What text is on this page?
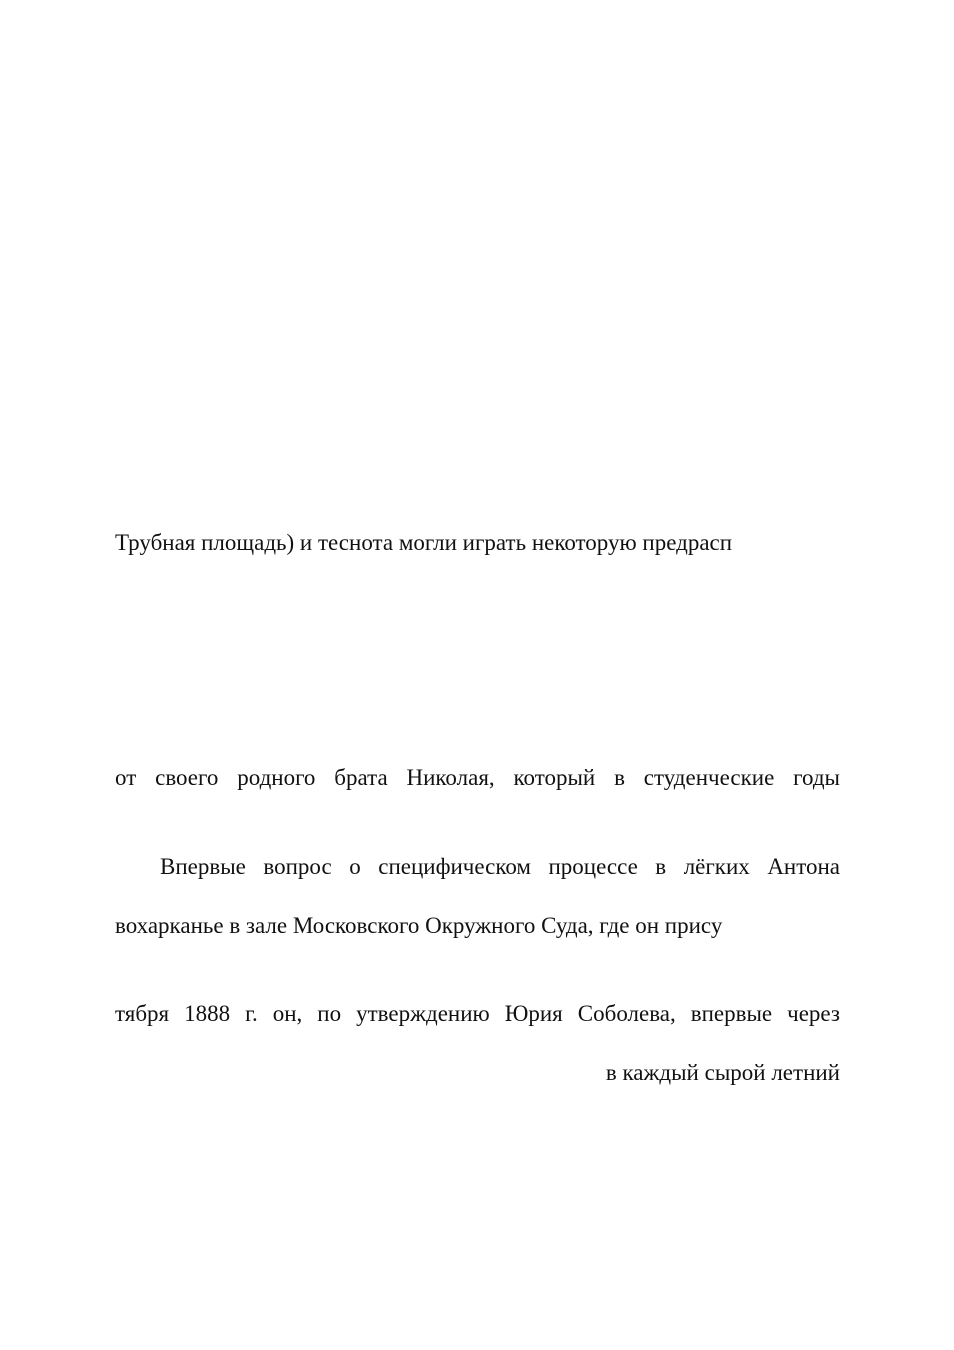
Трубная площадь) и теснота могли играть некоторую предрасп
от своего родного брата Николая, который в студенческие годы
Впервые вопрос о специфическом процессе в лёгких Антона
вохарканье в зале Московского Окружного Суда, где он прису
тября 1888 г. он, по утверждению Юрия Соболева, впервые через
в каждый сырой летний
